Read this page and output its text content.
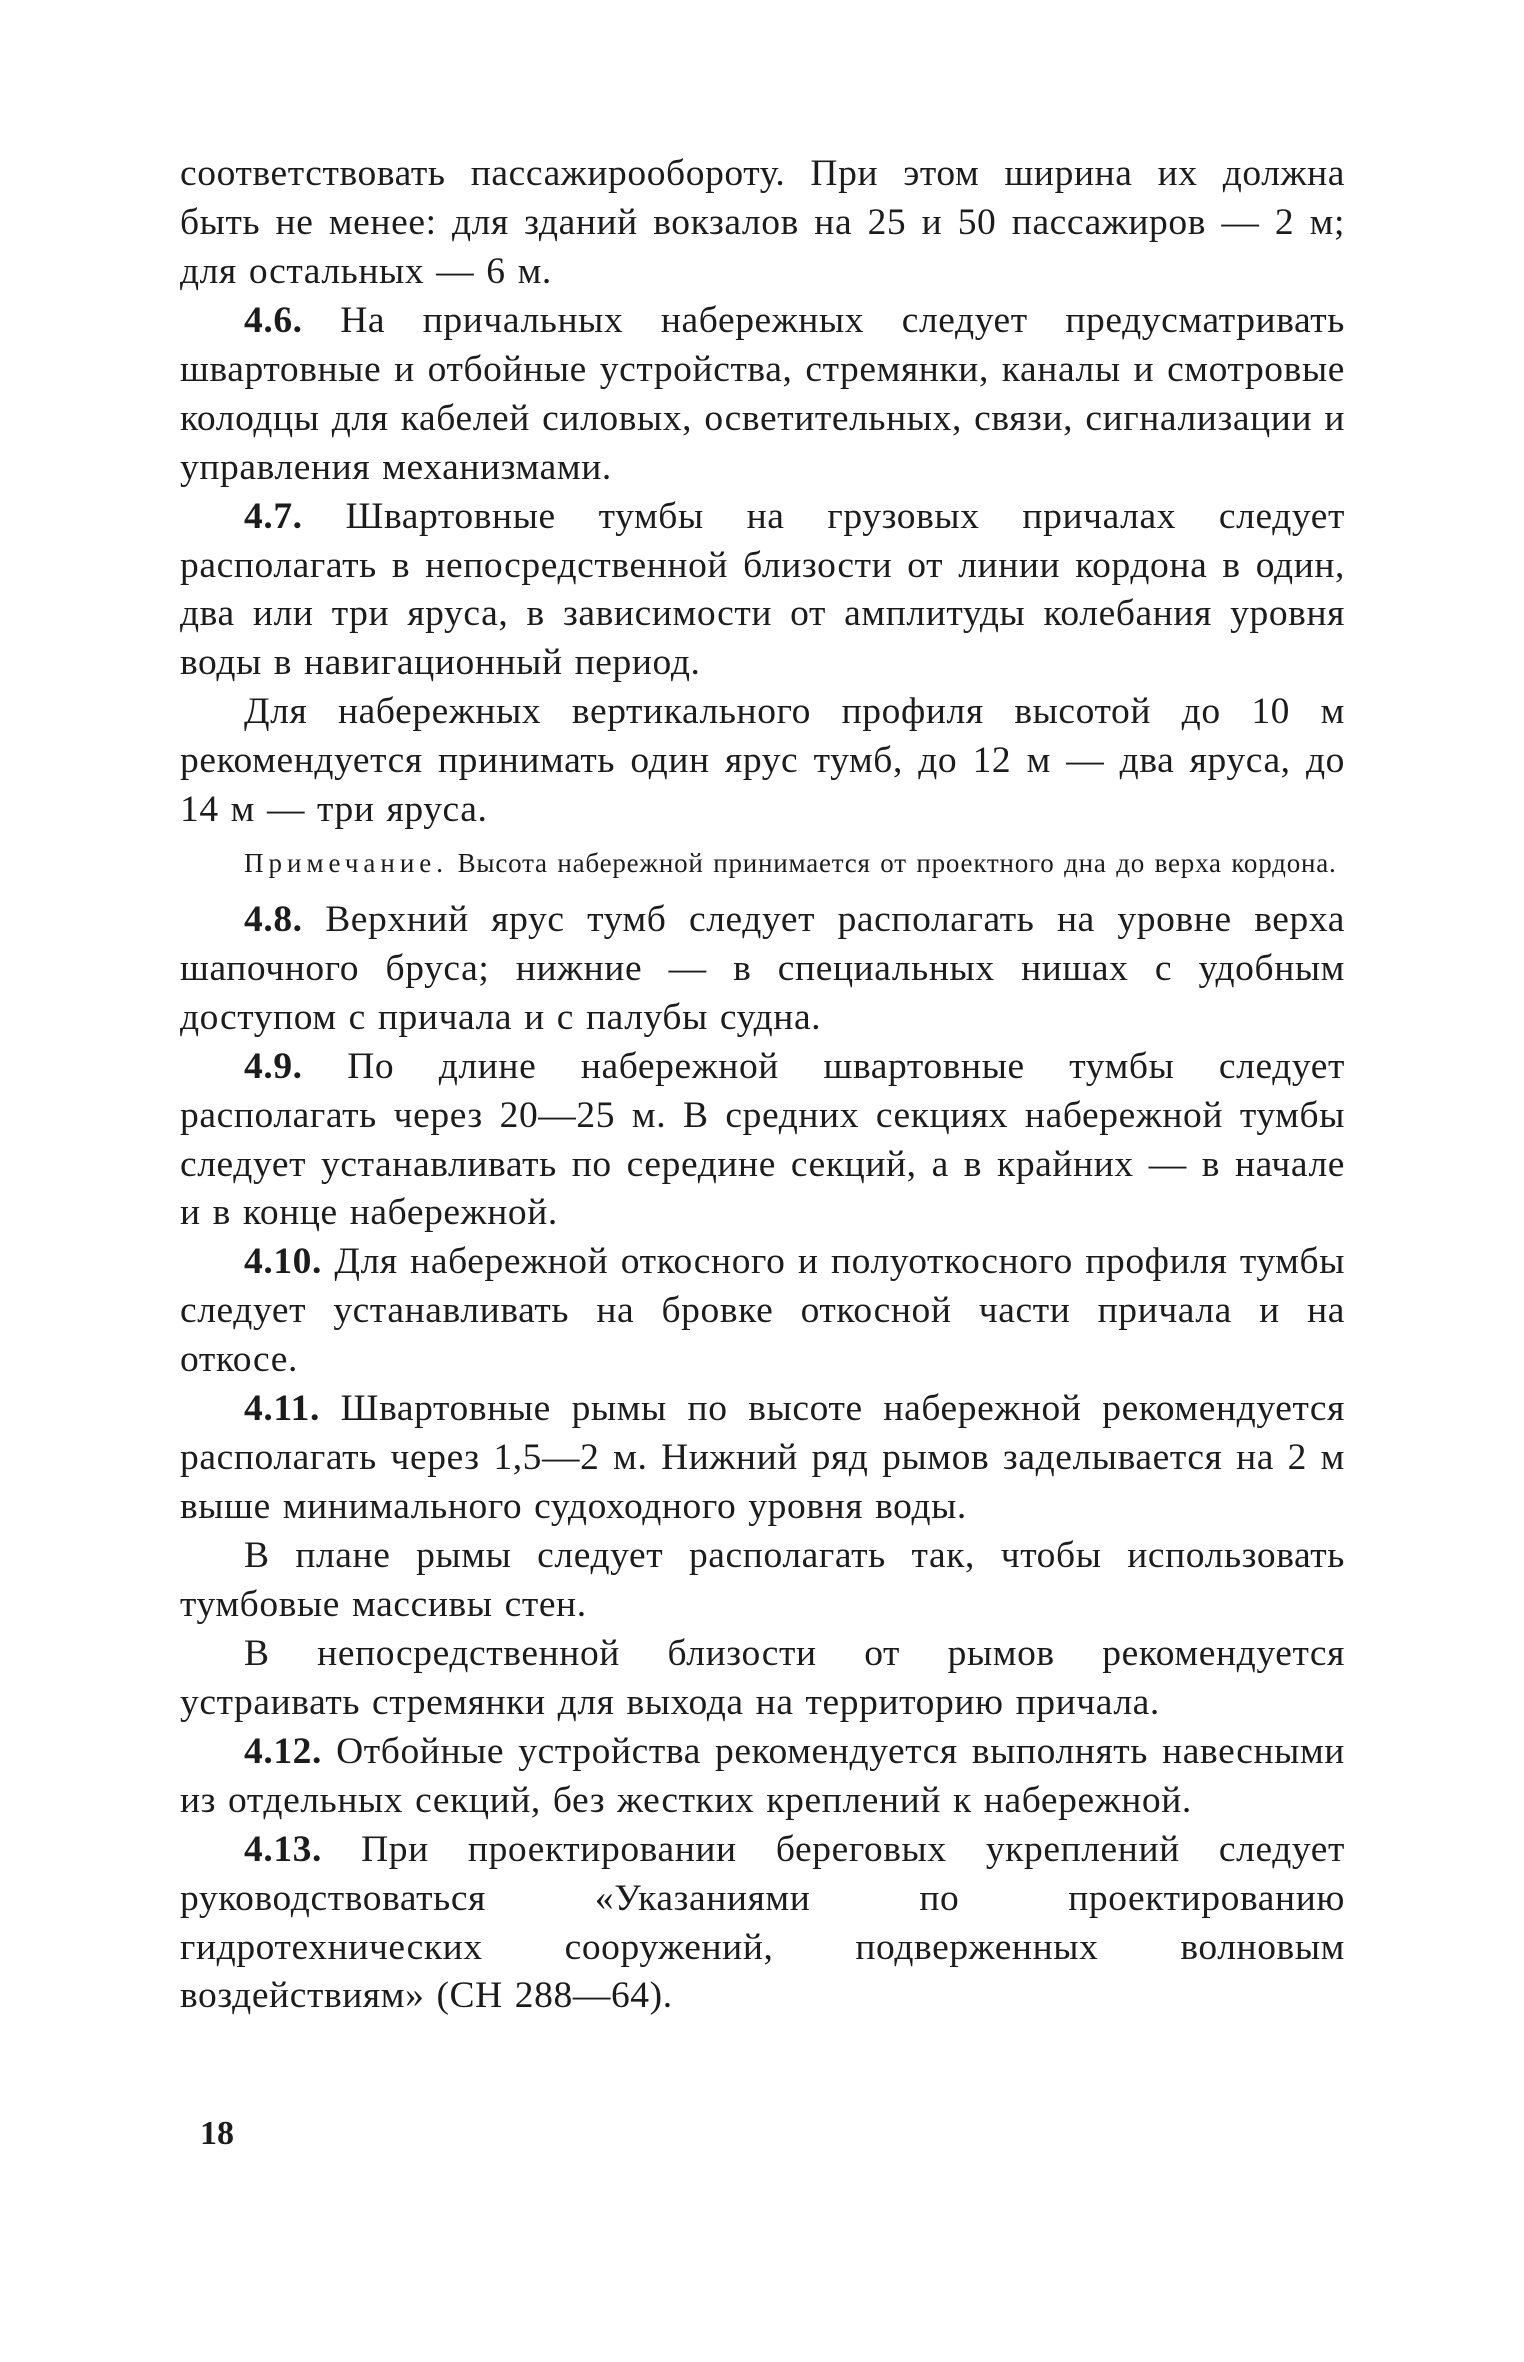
соответствовать пассажирообороту. При этом ширина их должна быть не менее: для зданий вокзалов на 25 и 50 пассажиров — 2 м; для остальных — 6 м.

4.6. На причальных набережных следует предусматривать швартовные и отбойные устройства, стремянки, каналы и смотровые колодцы для кабелей силовых, осветительных, связи, сигнализации и управления механизмами.

4.7. Швартовные тумбы на грузовых причалах следует располагать в непосредственной близости от линии кордона в один, два или три яруса, в зависимости от амплитуды колебания уровня воды в навигационный период.

Для набережных вертикального профиля высотой до 10 м рекомендуется принимать один ярус тумб, до 12 м — два яруса, до 14 м — три яруса.

Примечание. Высота набережной принимается от проектного дна до верха кордона.

4.8. Верхний ярус тумб следует располагать на уровне верха шапочного бруса; нижние — в специальных нишах с удобным доступом с причала и с палубы судна.

4.9. По длине набережной швартовные тумбы следует располагать через 20—25 м. В средних секциях набережной тумбы следует устанавливать по середине секций, а в крайних — в начале и в конце набережной.

4.10. Для набережной откосного и полуоткосного профиля тумбы следует устанавливать на бровке откосной части причала и на откосе.

4.11. Швартовные рымы по высоте набережной рекомендуется располагать через 1,5—2 м. Нижний ряд рымов заделывается на 2 м выше минимального судоходного уровня воды.

В плане рымы следует располагать так, чтобы использовать тумбовые массивы стен.

В непосредственной близости от рымов рекомендуется устраивать стремянки для выхода на территорию причала.

4.12. Отбойные устройства рекомендуется выполнять навесными из отдельных секций, без жестких креплений к набережной.

4.13. При проектировании береговых укреплений следует руководствоваться «Указаниями по проектированию гидротехнических сооружений, подверженных волновым воздействиям» (СН 288—64).

18
